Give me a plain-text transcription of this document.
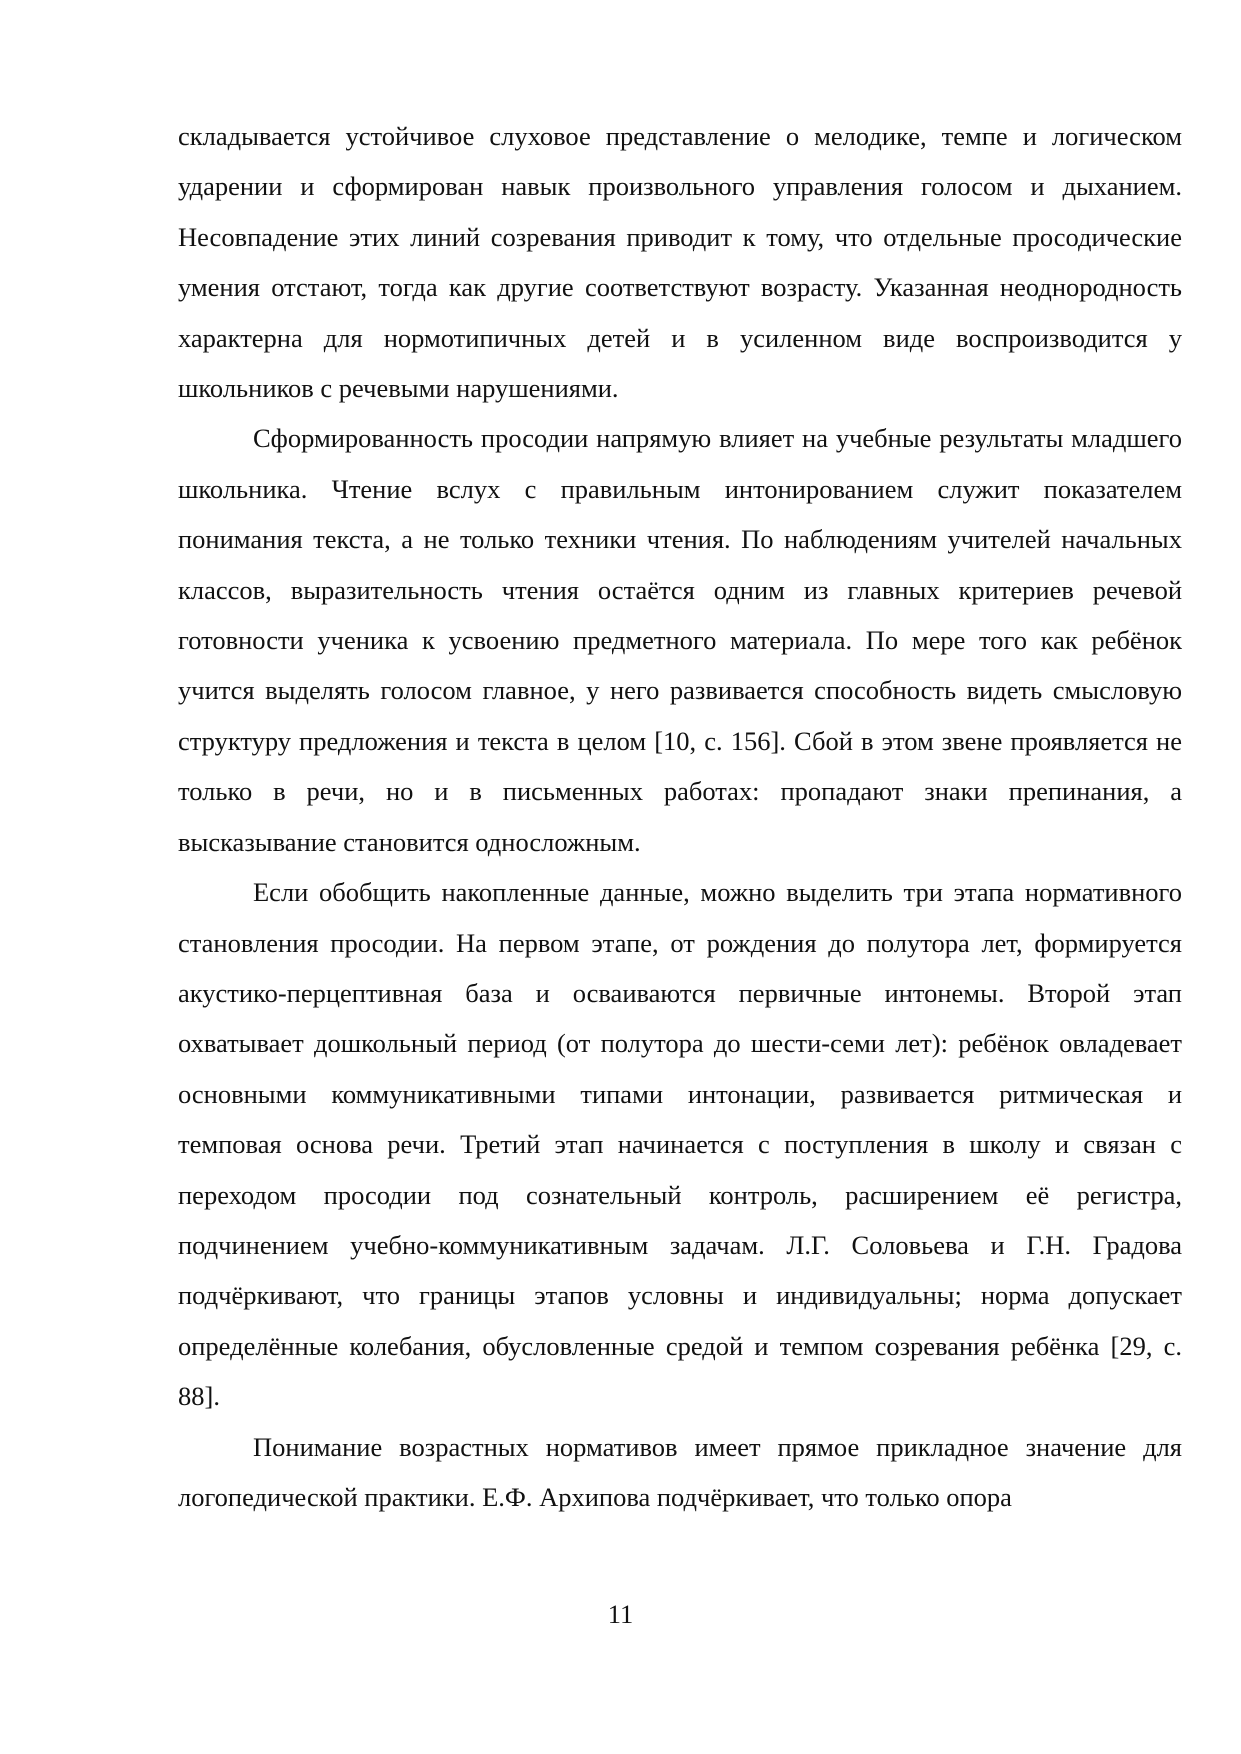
складывается устойчивое слуховое представление о мелодике, темпе и логическом ударении и сформирован навык произвольного управления голосом и дыханием. Несовпадение этих линий созревания приводит к тому, что отдельные просодические умения отстают, тогда как другие соответствуют возрасту. Указанная неоднородность характерна для нормотипичных детей и в усиленном виде воспроизводится у школьников с речевыми нарушениями.

Сформированность просодии напрямую влияет на учебные результаты младшего школьника. Чтение вслух с правильным интонированием служит показателем понимания текста, а не только техники чтения. По наблюдениям учителей начальных классов, выразительность чтения остаётся одним из главных критериев речевой готовности ученика к усвоению предметного материала. По мере того как ребёнок учится выделять голосом главное, у него развивается способность видеть смысловую структуру предложения и текста в целом [10, с. 156]. Сбой в этом звене проявляется не только в речи, но и в письменных работах: пропадают знаки препинания, а высказывание становится односложным.

Если обобщить накопленные данные, можно выделить три этапа нормативного становления просодии. На первом этапе, от рождения до полутора лет, формируется акустико-перцептивная база и осваиваются первичные интонемы. Второй этап охватывает дошкольный период (от полутора до шести-семи лет): ребёнок овладевает основными коммуникативными типами интонации, развивается ритмическая и темповая основа речи. Третий этап начинается с поступления в школу и связан с переходом просодии под сознательный контроль, расширением её регистра, подчинением учебно-коммуникативным задачам. Л.Г. Соловьева и Г.Н. Градова подчёркивают, что границы этапов условны и индивидуальны; норма допускает определённые колебания, обусловленные средой и темпом созревания ребёнка [29, с. 88].

Понимание возрастных нормативов имеет прямое прикладное значение для логопедической практики. Е.Ф. Архипова подчёркивает, что только опора

11
